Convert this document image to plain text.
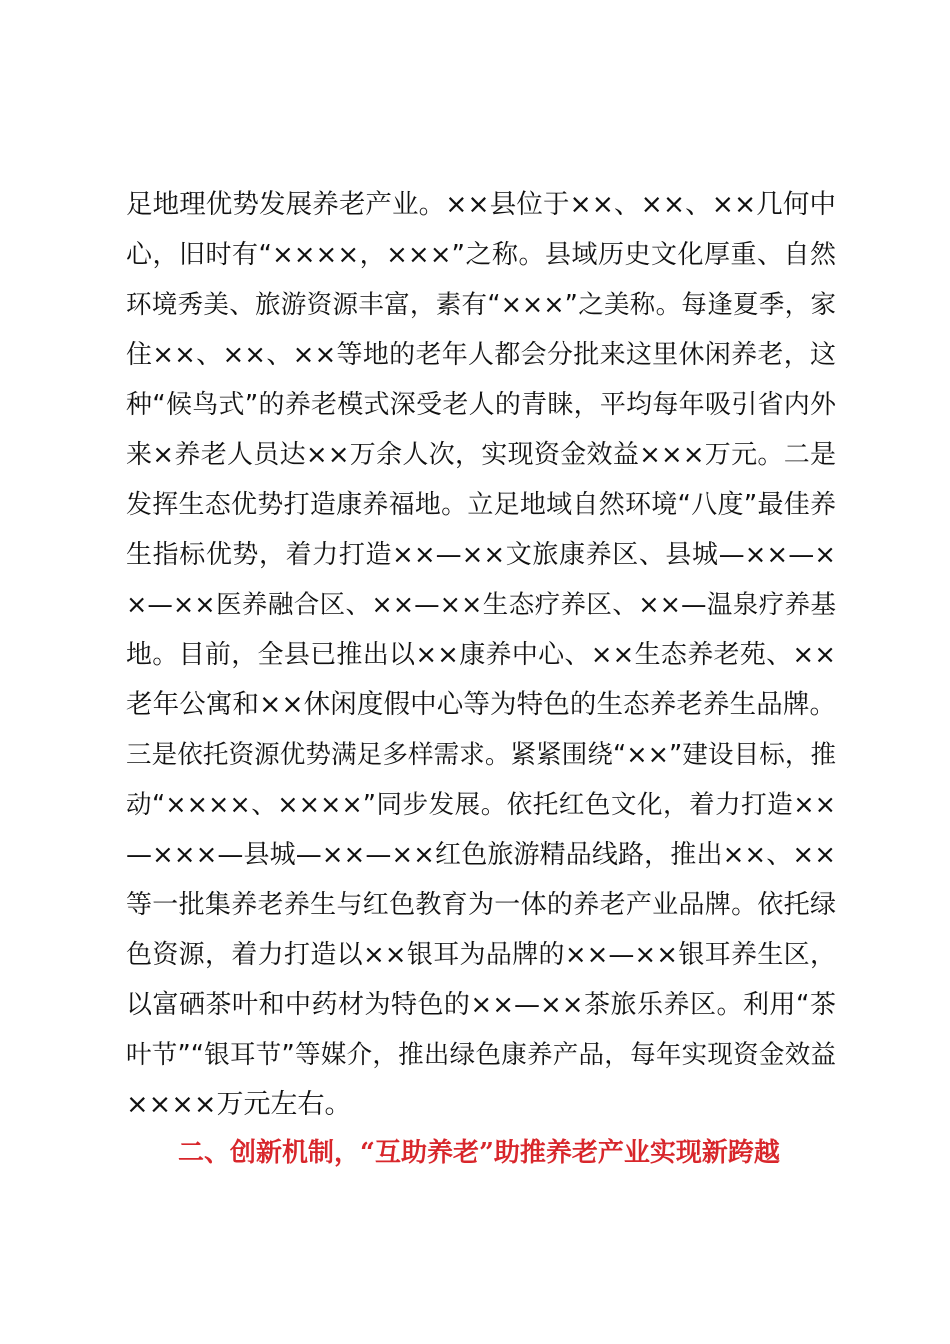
足地理优势发展养老产业。××县位于××、××、××几何中
心，旧时有“××××，×××”之称。县域历史文化厚重、自然
环境秀美、旅游资源丰富，素有“×××”之美称。每逢夏季，家
住××、××、××等地的老年人都会分批来这里休闲养老，这
种“候鸟式”的养老模式深受老人的青睐，平均每年吸引省内外
来×养老人员达××万余人次，实现资金效益×××万元。二是
发挥生态优势打造康养福地。立足地域自然环境“八度”最佳养
生指标优势，着力打造××—××文旅康养区、县城—××—×
×—××医养融合区、××—××生态疗养区、××—温泉疗养基
地。目前，全县已推出以××康养中心、××生态养老苑、××
老年公寓和××休闲度假中心等为特色的生态养老养生品牌。
三是依托资源优势满足多样需求。紧紧围绕“××”建设目标，推
动“××××、××××”同步发展。依托红色文化，着力打造××
—×××—县城—××—××红色旅游精品线路，推出××、××
等一批集养老养生与红色教育为一体的养老产业品牌。依托绿
色资源，着力打造以××银耳为品牌的××—××银耳养生区，
以富硒茶叶和中药材为特色的××—××茶旅乐养区。利用“茶
叶节”“银耳节”等媒介，推出绿色康养产品，每年实现资金效益
××××万元左右。
二、创新机制，“互助养老”助推养老产业实现新跨越
